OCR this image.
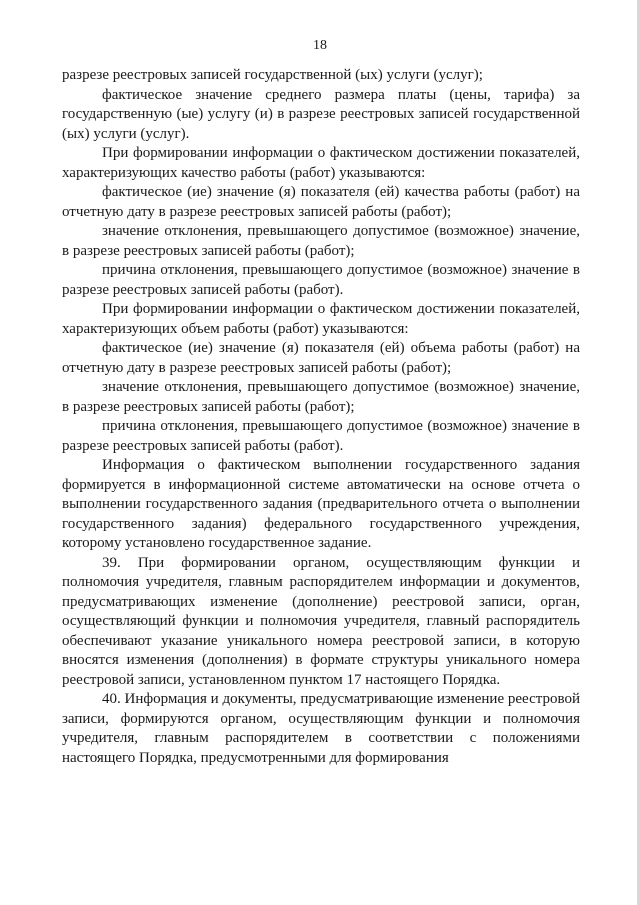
18

разрезе реестровых записей государственной (ых) услуги (услуг);

фактическое значение среднего размера платы (цены, тарифа) за государственную (ые) услугу (и) в разрезе реестровых записей государственной (ых) услуги (услуг).

При формировании информации о фактическом достижении показателей, характеризующих качество работы (работ) указываются:

фактическое (ие) значение (я) показателя (ей) качества работы (работ) на отчетную дату в разрезе реестровых записей работы (работ);

значение отклонения, превышающего допустимое (возможное) значение, в разрезе реестровых записей работы (работ);

причина отклонения, превышающего допустимое (возможное) значение в разрезе реестровых записей работы (работ).

При формировании информации о фактическом достижении показателей, характеризующих объем работы (работ) указываются:

фактическое (ие) значение (я) показателя (ей) объема работы (работ) на отчетную дату в разрезе реестровых записей работы (работ);

значение отклонения, превышающего допустимое (возможное) значение, в разрезе реестровых записей работы (работ);

причина отклонения, превышающего допустимое (возможное) значение в разрезе реестровых записей работы (работ).

Информация о фактическом выполнении государственного задания формируется в информационной системе автоматически на основе отчета о выполнении государственного задания (предварительного отчета о выполнении государственного задания) федерального государственного учреждения, которому установлено государственное задание.

39. При формировании органом, осуществляющим функции и полномочия учредителя, главным распорядителем информации и документов, предусматривающих изменение (дополнение) реестровой записи, орган, осуществляющий функции и полномочия учредителя, главный распорядитель обеспечивают указание уникального номера реестровой записи, в которую вносятся изменения (дополнения) в формате структуры уникального номера реестровой записи, установленном пунктом 17 настоящего Порядка.

40. Информация и документы, предусматривающие изменение реестровой записи, формируются органом, осуществляющим функции и полномочия учредителя, главным распорядителем в соответствии с положениями настоящего Порядка, предусмотренными для формирования
